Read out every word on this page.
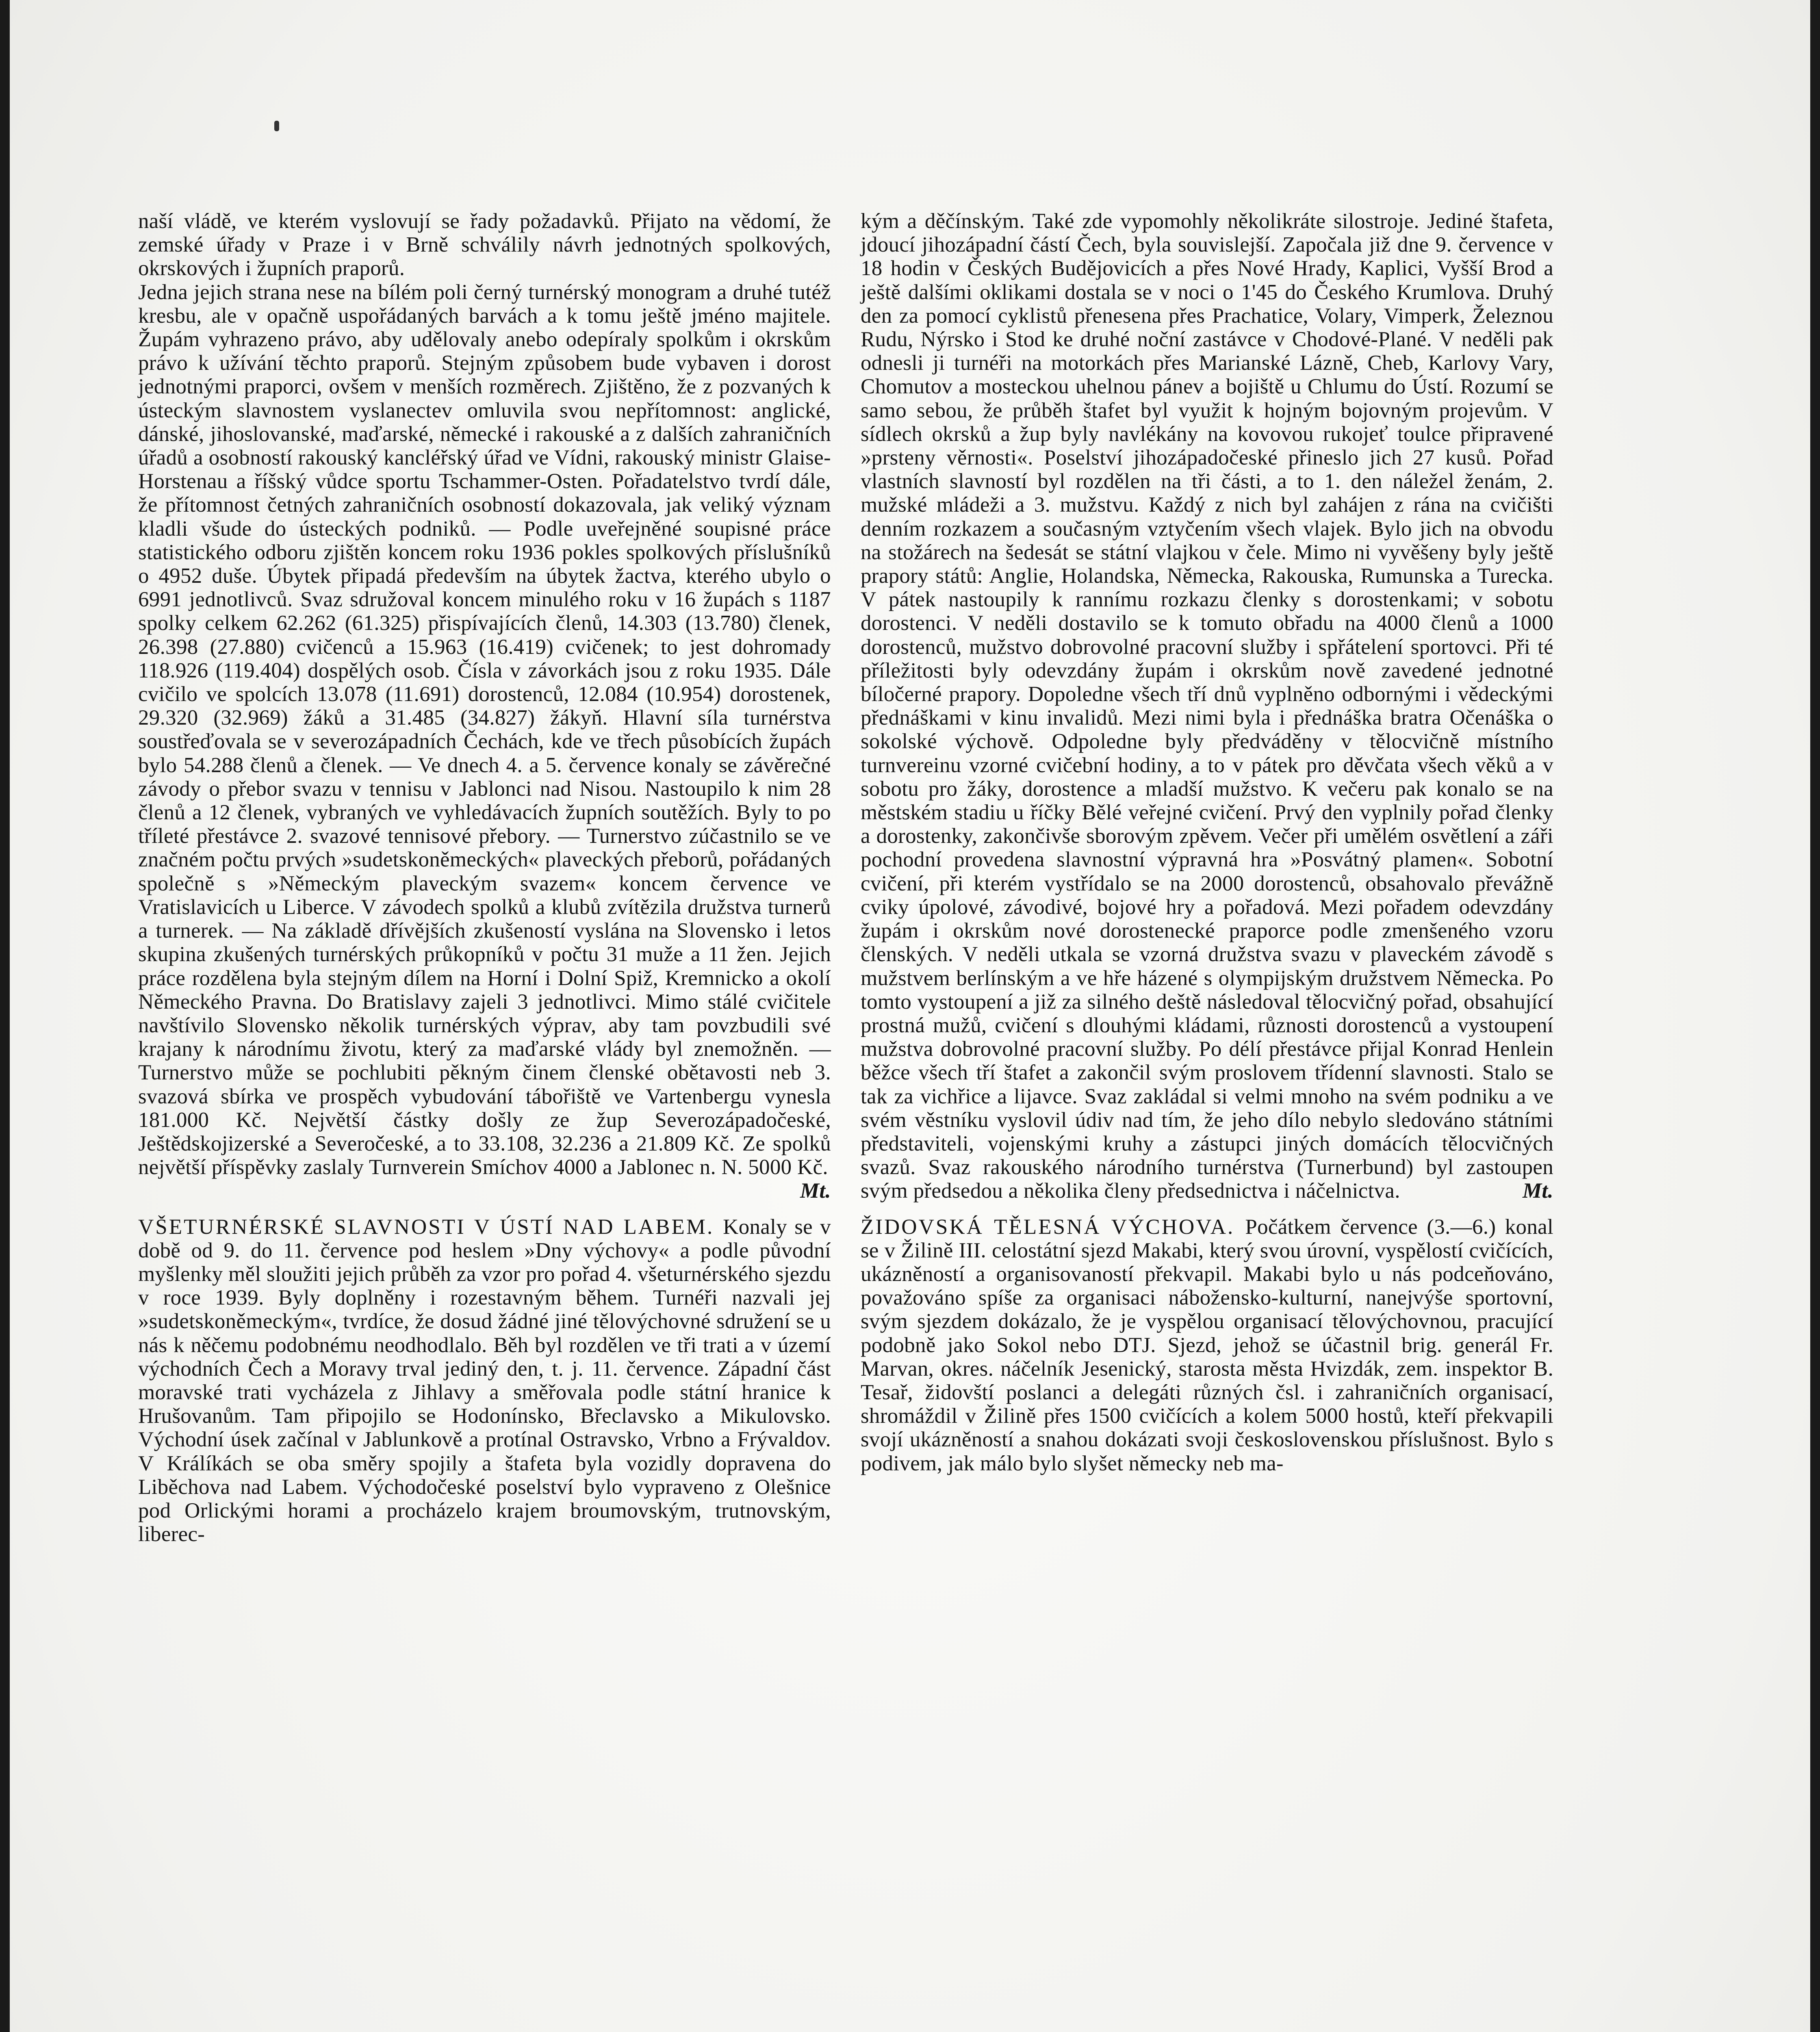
naší vládě, ve kterém vyslovují se řady požadavků. Přijato na vědomí, že zemské úřady v Praze i v Brně schválily návrh jednotných spolkových, okrskových i župních praporů.

Jedna jejich strana nese na bílém poli černý turnérský monogram a druhé tutéž kresbu, ale v opačně uspořádaných barvách a k tomu ještě jméno majitele. Župám vyhrazeno právo, aby udělovaly anebo odepíraly spolkům i okrskům právo k užívání těchto praporů. Stejným způsobem bude vybaven i dorost jednotnými praporci, ovšem v menších rozměrech. Zjištěno, že z pozvaných k ústeckým slavnostem vyslanectev omluvila svou nepřítomnost: anglické, dánské, jihoslovanské, maďarské, německé i rakouské a z dalších zahraničních úřadů a osobností rakouský kancléřský úřad ve Vídni, rakouský ministr Glaise-Horstenau a říšský vůdce sportu Tschammer-Osten. Pořadatelstvo tvrdí dále, že přítomnost četných zahraničních osobností dokazovala, jak veliký význam kladli všude do ústeckých podniků. — Podle uveřejněné soupisné práce statistického odboru zjištěn koncem roku 1936 pokles spolkových příslušníků o 4952 duše. Úbytek připadá především na úbytek žactva, kterého ubylo o 6991 jednotlivců. Svaz sdružoval koncem minulého roku v 16 župách s 1187 spolky celkem 62.262 (61.325) přispívajících členů, 14.303 (13.780) členek, 26.398 (27.880) cvičenců a 15.963 (16.419) cvičenek; to jest dohromady 118.926 (119.404) dospělých osob. Čísla v závorkách jsou z roku 1935. Dále cvičilo ve spolcích 13.078 (11.691) dorostenců, 12.084 (10.954) dorostenek, 29.320 (32.969) žáků a 31.485 (34.827) žákyň. Hlavní síla turnérstva soustřeďovala se v severozápadních Čechách, kde ve třech působících župách bylo 54.288 členů a členek. — Ve dnech 4. a 5. července konaly se závěrečné závody o přebor svazu v tennisu v Jablonci nad Nisou. Nastoupilo k nim 28 členů a 12 členek, vybraných ve vyhledávacích župních soutěžích. Byly to po tříleté přestávce 2. svazové tennisové přebory. — Turnerstvo zúčastnilo se ve značném počtu prvých »sudetskoněmeckých« plaveckých přeborů, pořádaných společně s »Německým plaveckým svazem« koncem července ve Vratislavicích u Liberce. V závodech spolků a klubů zvítězila družstva turnerů a turnerek. — Na základě dřívějších zkušeností vyslána na Slovensko i letos skupina zkušených turnérských průkopníků v počtu 31 muže a 11 žen. Jejich práce rozdělena byla stejným dílem na Horní i Dolní Spiž, Kremnicko a okolí Německého Pravna. Do Bratislavy zajeli 3 jednotlivci. Mimo stálé cvičitele navštívilo Slovensko několik turnérských výprav, aby tam povzbudili své krajany k národnímu životu, který za maďarské vlády byl znemožněn. — Turnerstvo může se pochlubiti pěkným činem členské obětavosti neb 3. svazová sbírka ve prospěch vybudování tábořiště ve Vartenbergu vynesla 181.000 Kč. Největší částky došly ze žup Severozápadočeské, Ještědskojizerské a Severočeské, a to 33.108, 32.236 a 21.809 Kč. Ze spolků největší příspěvky zaslaly Turnverein Smíchov 4000 a Jablonec n. N. 5000 Kč.
Mt.

VŠETURNÉRSKÉ SLAVNOSTI V ÚSTÍ NAD LABEM. Konaly se v době od 9. do 11. července pod heslem »Dny výchovy« a podle původní myšlenky měl sloužiti jejich průběh za vzor pro pořad 4. všeturnérského sjezdu v roce 1939. Byly doplněny i rozestavným během. Turnéři nazvali jej »sudetskoněmeckým«, tvrdíce, že dosud žádné jiné tělovýchovné sdružení se u nás k něčemu podobnému neodhodlalo. Běh byl rozdělen ve tři trati a v území východních Čech a Moravy trval jediný den, t. j. 11. července. Západní část moravské trati vycházela z Jihlavy a směřovala podle státní hranice k Hrušovanům. Tam připojilo se Hodonínsko, Břeclavsko a Mikulovsko. Východní úsek začínal v Jablunkově a protínal Ostravsko, Vrbno a Frývaldov. V Králíkách se oba směry spojily a štafeta byla vozidly dopravena do Liběchova nad Labem. Východočeské poselství bylo vypraveno z Olešnice pod Orlickými horami a procházelo krajem broumovským, trutnovským, liberec-

kým a děčínským. Také zde vypomohly několikráte silostroje. Jediné štafeta, jdoucí jihozápadní částí Čech, byla souvislejší. Započala již dne 9. července v 18 hodin v Českých Budějovicích a přes Nové Hrady, Kaplici, Vyšší Brod a ještě dalšími oklikami dostala se v noci o 1'45 do Českého Krumlova. Druhý den za pomocí cyklistů přenesena přes Prachatice, Volary, Vimperk, Železnou Rudu, Nýrsko i Stod ke druhé noční zastávce v Chodové-Plané. V neděli pak odnesli ji turnéři na motorkách přes Marianské Lázně, Cheb, Karlovy Vary, Chomutov a mosteckou uhelnou pánev a bojiště u Chlumu do Ústí. Rozumí se samo sebou, že průběh štafet byl využit k hojným bojovným projevům. V sídlech okrsků a žup byly navlékány na kovovou rukojeť toulce připravené »prsteny věrnosti«. Poselství jihozápadočeské přineslo jich 27 kusů. Pořad vlastních slavností byl rozdělen na tři části, a to 1. den náležel ženám, 2. mužské mládeži a 3. mužstvu. Každý z nich byl zahájen z rána na cvičišti denním rozkazem a současným vztyčením všech vlajek. Bylo jich na obvodu na stožárech na šedesát se státní vlajkou v čele. Mimo ni vyvěšeny byly ještě prapory států: Anglie, Holandska, Německa, Rakouska, Rumunska a Turecka. V pátek nastoupily k rannímu rozkazu členky s dorostenkami; v sobotu dorostenci. V neděli dostavilo se k tomuto obřadu na 4000 členů a 1000 dorostenců, mužstvo dobrovolné pracovní služby i spřátelení sportovci. Při té příležitosti byly odevzdány župám i okrskům nově zavedené jednotné bíločerné prapory. Dopoledne všech tří dnů vyplněno odbornými i vědeckými přednáškami v kinu invalidů. Mezi nimi byla i přednáška bratra Očenáška o sokolské výchově. Odpoledne byly předváděny v tělocvičně místního turnvereinu vzorné cvičební hodiny, a to v pátek pro děvčata všech věků a v sobotu pro žáky, dorostence a mladší mužstvo. K večeru pak konalo se na městském stadiu u říčky Bělé veřejné cvičení. Prvý den vyplnily pořad členky a dorostenky, zakončivše sborovým zpěvem. Večer při umělém osvětlení a záři pochodní provedena slavnostní výpravná hra »Posvátný plamen«. Sobotní cvičení, při kterém vystřídalo se na 2000 dorostenců, obsahovalo převážně cviky úpolové, závodivé, bojové hry a pořadová. Mezi pořadem odevzdány župám i okrskům nové dorostenecké praporce podle zmenšeného vzoru členských. V neděli utkala se vzorná družstva svazu v plaveckém závodě s mužstvem berlínským a ve hře házené s olympijským družstvem Německa. Po tomto vystoupení a již za silného deště následoval tělocvičný pořad, obsahující prostná mužů, cvičení s dlouhými kládami, různosti dorostenců a vystoupení mužstva dobrovolné pracovní služby. Po délí přestávce přijal Konrad Henlein běžce všech tří štafet a zakončil svým proslovem třídenní slavnosti. Stalo se tak za vichřice a lijavce. Svaz zakládal si velmi mnoho na svém podniku a ve svém věstníku vyslovil údiv nad tím, že jeho dílo nebylo sledováno státními představiteli, vojenskými kruhy a zástupci jiných domácích tělocvičných svazů. Svaz rakouského národního turnérstva (Turnerbund) byl zastoupen svým předsedou a několika členy předsednictva i náčelnictva.	Mt.

ŽIDOVSKÁ TĚLESNÁ VÝCHOVA. Počátkem července (3.—6.) konal se v Žilině III. celostátní sjezd Makabi, který svou úrovní, vyspělostí cvičících, ukázněností a organisovaností překvapil. Makabi bylo u nás podceňováno, považováno spíše za organisaci nábožensko-kulturní, nanejvýše sportovní, svým sjezdem dokázalo, že je vyspělou organisací tělovýchovnou, pracující podobně jako Sokol nebo DTJ. Sjezd, jehož se účastnil brig. generál Fr. Marvan, okres. náčelník Jesenický, starosta města Hvizdák, zem. inspektor B. Tesař, židovští poslanci a delegáti různých čsl. i zahraničních organisací, shromáždil v Žilině přes 1500 cvičících a kolem 5000 hostů, kteří překvapili svojí ukázněností a snahou dokázati svoji československou příslušnost. Bylo s podivem, jak málo bylo slyšet německy neb ma-
